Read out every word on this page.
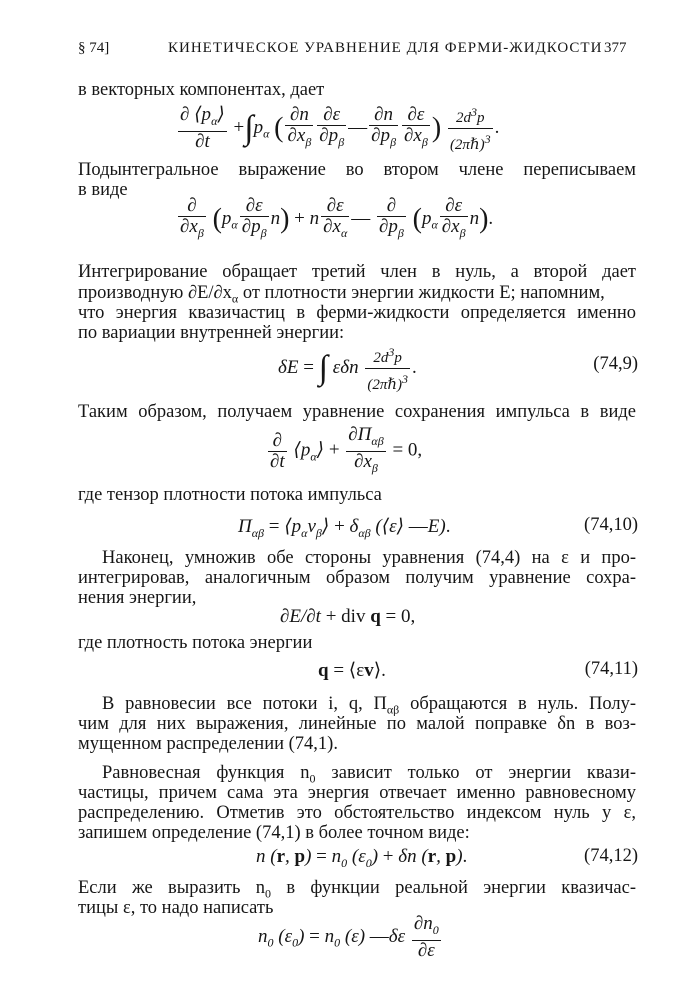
§ 74]	КИНЕТИЧЕСКОЕ УРАВНЕНИЕ ДЛЯ ФЕРМИ-ЖИДКОСТИ 377
в векторных компонентах, дает
$\frac{\partial ⟨p_\alpha⟩}{\partial t} +\int p_\alpha$ ( $\frac{\partial n}{\partial x_\beta} \frac{\partial\varepsilon}{\partial p_\beta}$ — $\frac{\partial n}{\partial p_\beta} \frac{\partial\varepsilon}{\partial x_\beta}$ ) $\frac{2d^3p}{(2\pi\hbar)^3}$ .
Подынтегральное выражение во втором члене переписываем
в виде
$\frac{\partial}{\partial x_\beta} (p_\alpha \frac{\partial\varepsilon}{\partial p_\beta} n) + n \frac{\partial\varepsilon}{\partial x_\alpha}$ — $\frac{\partial}{\partial p_\beta} (p_\alpha \frac{\partial\varepsilon}{\partial x_\beta} n)$.
Интегрирование обращает третий член в нуль, а второй дает
производную $\partial E/\partial x_\alpha$ от плотности энергии жидкости E; напомним,
что энергия квазичастиц в ферми-жидкости определяется именно
по вариации внутренней энергии:
δE = ∫ εδn $\frac{2d^3p}{(2\pi\hbar)^3}$ .	(74,9)
Таким образом, получаем уравнение сохранения импульса в виде
$\frac{\partial}{\partial t}$ $⟨p_\alpha⟩ + \frac{\partial\Pi_{\alpha\beta}}{\partial x_\beta} = 0$,
где тензор плотности потока импульса
$\Pi_{\alpha\beta}$ = $⟨p_\alpha v_\beta⟩ + \delta_{\alpha\beta}$ (⟨ε⟩ —E).	(74,10)
Наконец, умножив обе стороны уравнения (74,4) на ε и про-
интегрировав, аналогичным образом получим уравнение сохра-
нения энергии,
∂E/∂t + div q = 0,
где плотность потока энергии
q = ⟨εv⟩.	(74,11)
В равновесии все потоки i, q, $\Pi_{\alpha\beta}$ обращаются в нуль. Полу-
чим для них выражения, линейные по малой поправке δn в воз-
мущенном распределении (74,1).
Равновесная функция $n_0$ зависит только от энергии квази-
частицы, причем сама эта энергия отвечает именно равновесному
распределению. Отметив это обстоятельство индексом нуль у ε,
запишем определение (74,1) в более точном виде:
n (r, $p) = n_0$ $(\varepsilon_0) + \delta n$ (r, p).	(74,12)
Если же выразить $n_0$ в функции реальной энергии квазичас-
тицы ε, то надо написать
$n_0$ $(\varepsilon_0) = n_0$ (ε) —δε $\frac{\partial n_0}{\partial\varepsilon}$
